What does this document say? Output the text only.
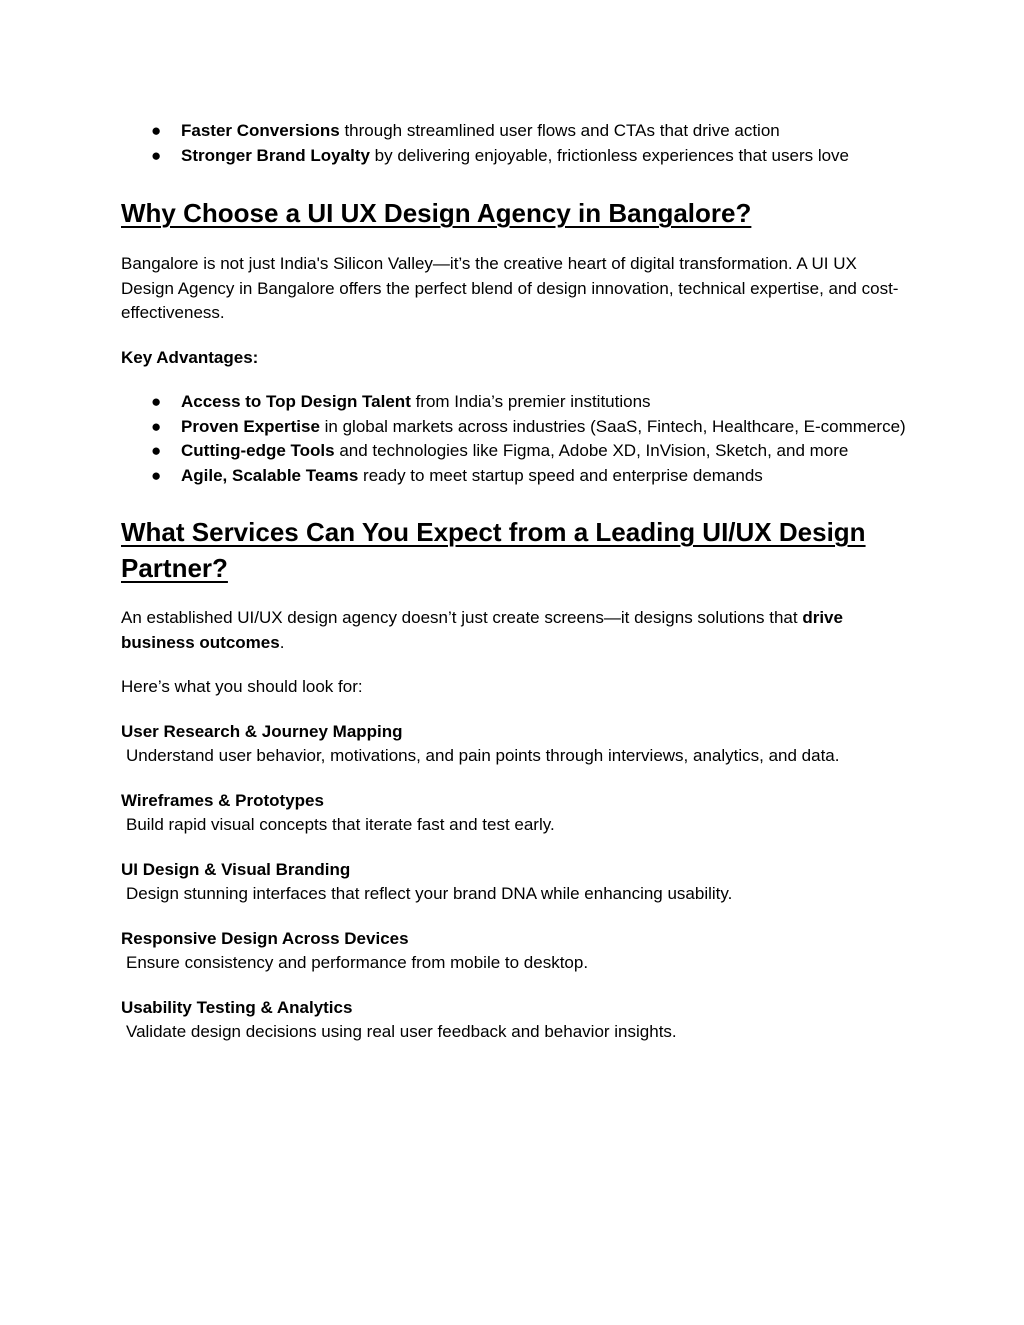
● Faster Conversions through streamlined user flows and CTAs that drive action
● Stronger Brand Loyalty by delivering enjoyable, frictionless experiences that users love
Why Choose a UI UX Design Agency in Bangalore?

Bangalore is not just India's Silicon Valley—it’s the creative heart of digital transformation. A UI UX Design Agency in Bangalore offers the perfect blend of design innovation, technical expertise, and cost-effectiveness.

Key Advantages:

● Access to Top Design Talent from India’s premier institutions
● Proven Expertise in global markets across industries (SaaS, Fintech, Healthcare, E-commerce)
● Cutting-edge Tools and technologies like Figma, Adobe XD, InVision, Sketch, and more
● Agile, Scalable Teams ready to meet startup speed and enterprise demands
What Services Can You Expect from a Leading UI/UX Design Partner?

An established UI/UX design agency doesn’t just create screens—it designs solutions that drive business outcomes.

Here’s what you should look for:

User Research & Journey Mapping

Understand user behavior, motivations, and pain points through interviews, analytics, and data.

Wireframes & Prototypes

Build rapid visual concepts that iterate fast and test early.

UI Design & Visual Branding

Design stunning interfaces that reflect your brand DNA while enhancing usability.

Responsive Design Across Devices

Ensure consistency and performance from mobile to desktop.

Usability Testing & Analytics

Validate design decisions using real user feedback and behavior insights.
